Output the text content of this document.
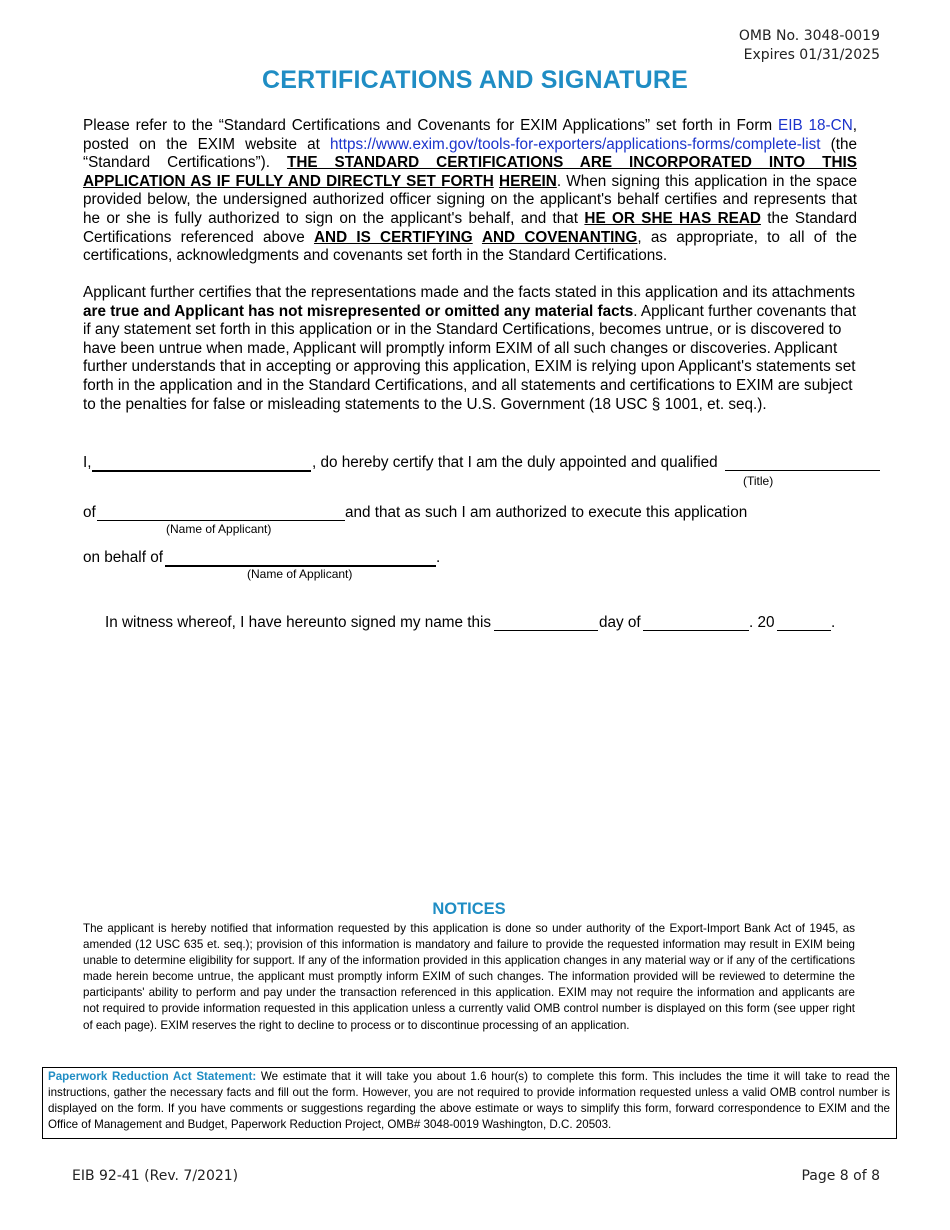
OMB No. 3048-0019
Expires 01/31/2025
CERTIFICATIONS AND SIGNATURE
Please refer to the “Standard Certifications and Covenants for EXIM Applications” set forth in Form EIB 18-CN, posted on the EXIM website at https://www.exim.gov/tools-for-exporters/applications-forms/complete-list (the “Standard Certifications”). THE STANDARD CERTIFICATIONS ARE INCORPORATED INTO THIS APPLICATION AS IF FULLY AND DIRECTLY SET FORTH HEREIN. When signing this application in the space provided below, the undersigned authorized officer signing on the applicant's behalf certifies and represents that he or she is fully authorized to sign on the applicant's behalf, and that HE OR SHE HAS READ the Standard Certifications referenced above AND IS CERTIFYING AND COVENANTING, as appropriate, to all of the certifications, acknowledgments and covenants set forth in the Standard Certifications.
Applicant further certifies that the representations made and the facts stated in this application and its attachments are true and Applicant has not misrepresented or omitted any material facts. Applicant further covenants that if any statement set forth in this application or in the Standard Certifications, becomes untrue, or is discovered to have been untrue when made, Applicant will promptly inform EXIM of all such changes or discoveries. Applicant further understands that in accepting or approving this application, EXIM is relying upon Applicant's statements set forth in the application and in the Standard Certifications, and all statements and certifications to EXIM are subject to the penalties for false or misleading statements to the U.S. Government (18 USC § 1001, et. seq.).
I,	, do hereby certify that I am the duly appointed and qualified
(Title)
of	and that as such I am authorized to execute this application
(Name of Applicant)
on behalf of	.
(Name of Applicant)
In witness whereof, I have hereunto signed my name this	day of	. 20	.
NOTICES
The applicant is hereby notified that information requested by this application is done so under authority of the Export-Import Bank Act of 1945, as amended (12 USC 635 et. seq.); provision of this information is mandatory and failure to provide the requested information may result in EXIM being unable to determine eligibility for support. If any of the information provided in this application changes in any material way or if any of the certifications made herein become untrue, the applicant must promptly inform EXIM of such changes. The information provided will be reviewed to determine the participants' ability to perform and pay under the transaction referenced in this application. EXIM may not require the information and applicants are not required to provide information requested in this application unless a currently valid OMB control number is displayed on this form (see upper right of each page). EXIM reserves the right to decline to process or to discontinue processing of an application.
Paperwork Reduction Act Statement: We estimate that it will take you about 1.6 hour(s) to complete this form. This includes the time it will take to read the instructions, gather the necessary facts and fill out the form. However, you are not required to provide information requested unless a valid OMB control number is displayed on the form. If you have comments or suggestions regarding the above estimate or ways to simplify this form, forward correspondence to EXIM and the Office of Management and Budget, Paperwork Reduction Project, OMB# 3048-0019 Washington, D.C. 20503.
EIB 92-41 (Rev. 7/2021)	Page 8 of 8
